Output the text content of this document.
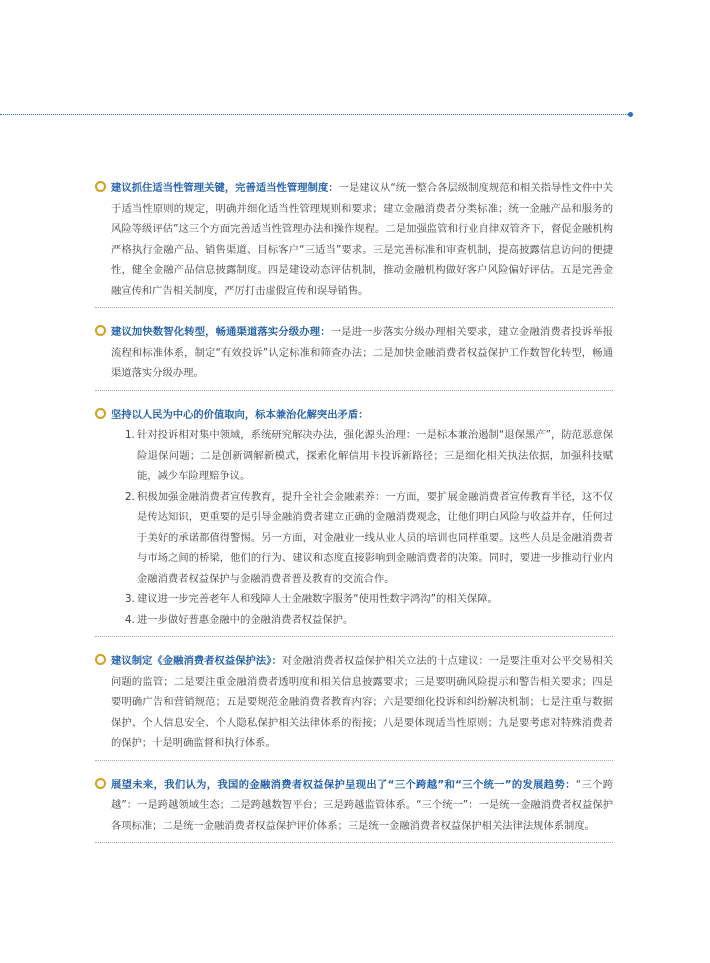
建议抓住适当性管理关键，完善适当性管理制度：一是建议从“统一整合各层级制度规范和相关指导性文件中关于适当性原则的规定，明确并细化适当性管理规则和要求；建立金融消费者分类标准；统一金融产品和服务的风险等级评估”这三个方面完善适当性管理办法和操作规程。二是加强监管和行业自律双管齐下，督促金融机构严格执行金融产品、销售渠道、目标客户“三适当”要求。三是完善标准和审查机制，提高披露信息访问的便捷性，健全金融产品信息披露制度。四是建设动态评估机制，推动金融机构做好客户风险偏好评估。五是完善金融宣传和广告相关制度，严厉打击虚假宣传和误导销售。

建议加快数智化转型，畅通渠道落实分级办理：一是进一步落实分级办理相关要求，建立金融消费者投诉举报流程和标准体系，制定“有效投诉”认定标准和筛查办法；二是加快金融消费者权益保护工作数智化转型，畅通渠道落实分级办理。

坚持以人民为中心的价值取向，标本兼治化解突出矛盾：

1. 针对投诉相对集中领域，系统研究解决办法，强化源头治理：一是标本兼治遏制“退保黑产”，防范恶意保险退保问题；二是创新调解新模式，探索化解信用卡投诉新路径；三是细化相关执法依据，加强科技赋能，减少车险理赔争议。
2. 积极加强金融消费者宣传教育，提升全社会金融素养：一方面，要扩展金融消费者宣传教育半径，这不仅是传达知识，更重要的是引导金融消费者建立正确的金融消费观念，让他们明白风险与收益并存，任何过于美好的承诺都值得警惕。另一方面，对金融业一线从业人员的培训也同样重要。这些人员是金融消费者与市场之间的桥梁，他们的行为、建议和态度直接影响到金融消费者的决策。同时，要进一步推动行业内金融消费者权益保护与金融消费者普及教育的交流合作。
3. 建议进一步完善老年人和残障人士金融数字服务“使用性数字鸿沟”的相关保障。
4. 进一步做好普惠金融中的金融消费者权益保护。

建议制定《金融消费者权益保护法》：对金融消费者权益保护相关立法的十点建议：一是要注重对公平交易相关问题的监管；二是要注重金融消费者透明度和相关信息披露要求；三是要明确风险提示和警告相关要求；四是要明确广告和营销规范；五是要规范金融消费者教育内容；六是要细化投诉和纠纷解决机制；七是注重与数据保护、个人信息安全、个人隐私保护相关法律体系的衔接；八是要体现适当性原则；九是要考虑对特殊消费者的保护；十是明确监督和执行体系。

展望未来，我们认为，我国的金融消费者权益保护呈现出了“三个跨越”和“三个统一”的发展趋势：“三个跨越”：一是跨越领域生态；二是跨越数智平台；三是跨越监管体系。“三个统一”：一是统一金融消费者权益保护各项标准；二是统一金融消费者权益保护评价体系；三是统一金融消费者权益保护相关法律法规体系制度。
